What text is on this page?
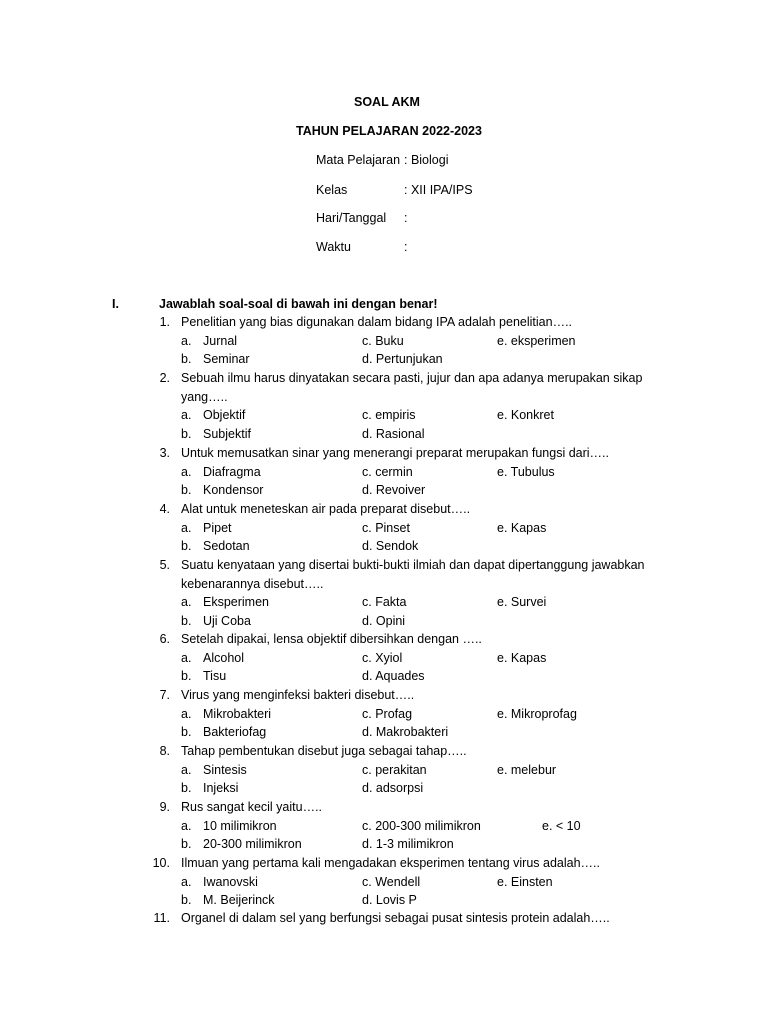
SOAL AKM
TAHUN PELAJARAN 2022-2023
Mata Pelajaran : Biologi
Kelas	: XII IPA/IPS
Hari/Tanggal :
Waktu	:
I.	Jawablah soal-soal di bawah ini dengan benar!
1. Penelitian yang bias digunakan dalam bidang IPA adalah penelitian…..
a. Jurnal
b. Seminar
c. Buku
d. Pertunjukan
e. eksperimen
2. Sebuah ilmu harus dinyatakan secara pasti, jujur dan apa adanya merupakan sikap
yang…..
a. Objektif
b. Subjektif
c. empiris
d. Rasional
e. Konkret
3. Untuk memusatkan sinar yang menerangi preparat merupakan fungsi dari…..
a. Diafragma
b. Kondensor
c. cermin
d. Revoiver
e. Tubulus
4. Alat untuk meneteskan air pada preparat disebut…..
a. Pipet
b. Sedotan
c. Pinset
d. Sendok
e. Kapas
5. Suatu kenyataan yang disertai bukti-bukti ilmiah dan dapat dipertanggung jawabkan
kebenarannya disebut…..
a. Eksperimen
b. Uji Coba
c. Fakta
d. Opini
e. Survei
6. Setelah dipakai, lensa objektif dibersihkan dengan …..
a. Alcohol
b. Tisu
c. Xyiol
d. Aquades
e. Kapas
7. Virus yang menginfeksi bakteri disebut…..
a. Mikrobakteri
b. Bakteriofag
c. Profag
d. Makrobakteri
e. Mikroprofag
8. Tahap pembentukan disebut juga sebagai tahap…..
a. Sintesis
b. Injeksi
c. perakitan
d. adsorpsi
e. melebur
9. Rus sangat kecil yaitu…..
a. 10 milimikron
b. 20-300 milimikron
c. 200-300 milimikron
d. 1-3 milimikron
e. < 10
10. Ilmuan yang pertama kali mengadakan eksperimen tentang virus adalah…..
a. Iwanovski
b. M. Beijerinck
c. Wendell
d. Lovis P
e. Einsten
11. Organel di dalam sel yang berfungsi sebagai pusat sintesis protein adalah…..
